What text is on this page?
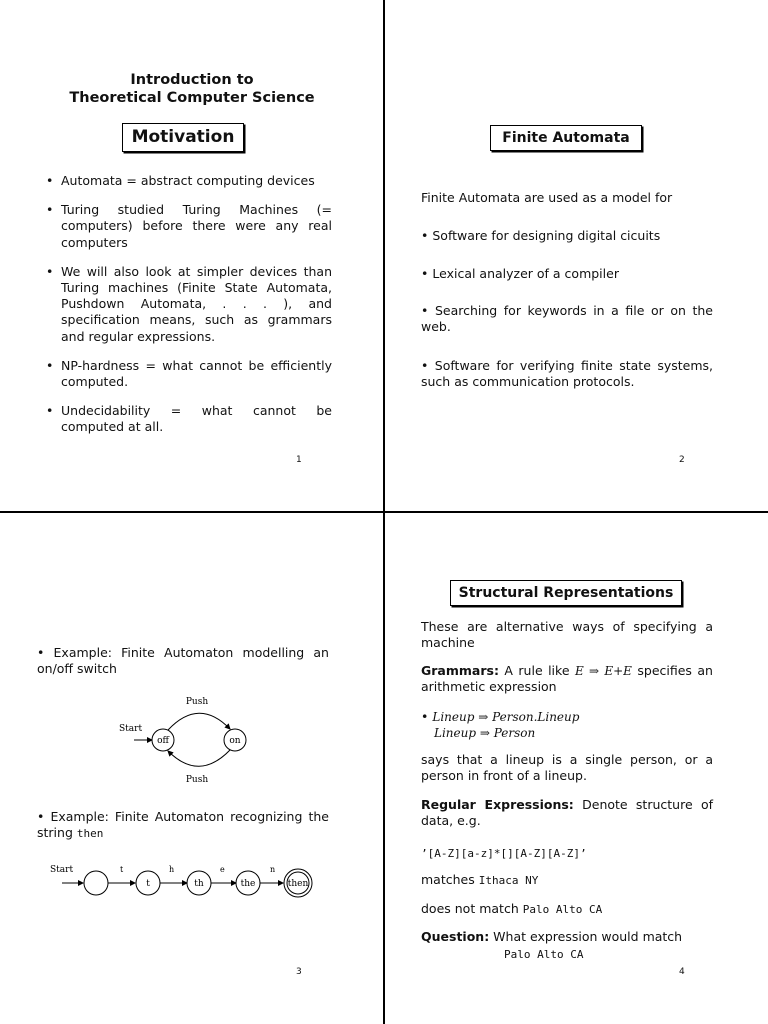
Introduction to
Theoretical Computer Science
Motivation
• Automata = abstract computing devices
• Turing studied Turing Machines (= computers) before there were any real computers
• We will also look at simpler devices than Turing machines (Finite State Automata, Pushdown Automata, . . . ), and specification means, such as grammars and regular expressions.
• NP-hardness = what cannot be efficiently computed.
• Undecidability = what cannot be computed at all.
1
Finite Automata
Finite Automata are used as a model for
• Software for designing digital cicuits
• Lexical analyzer of a compiler
• Searching for keywords in a file or on the web.
• Software for verifying finite state systems, such as communication protocols.
2
• Example: Finite Automaton modelling an on/off switch
Push
Start
off	on
Push
• Example: Finite Automaton recognizing the string then
Start	t
t
h
th
e
the
n
then
3
Structural Representations
These are alternative ways of specifying a machine
Grammars: A rule like E ⇒ E+E specifies an arithmetic expression
• Lineup ⇒ Person.Lineup
Lineup ⇒ Person
says that a lineup is a single person, or a person in front of a lineup.
Regular Expressions: Denote structure of data, e.g.
’[A-Z][a-z]*[][A-Z][A-Z]’
matches Ithaca NY
does not match Palo Alto CA
Question: What expression would match
Palo Alto CA
4
